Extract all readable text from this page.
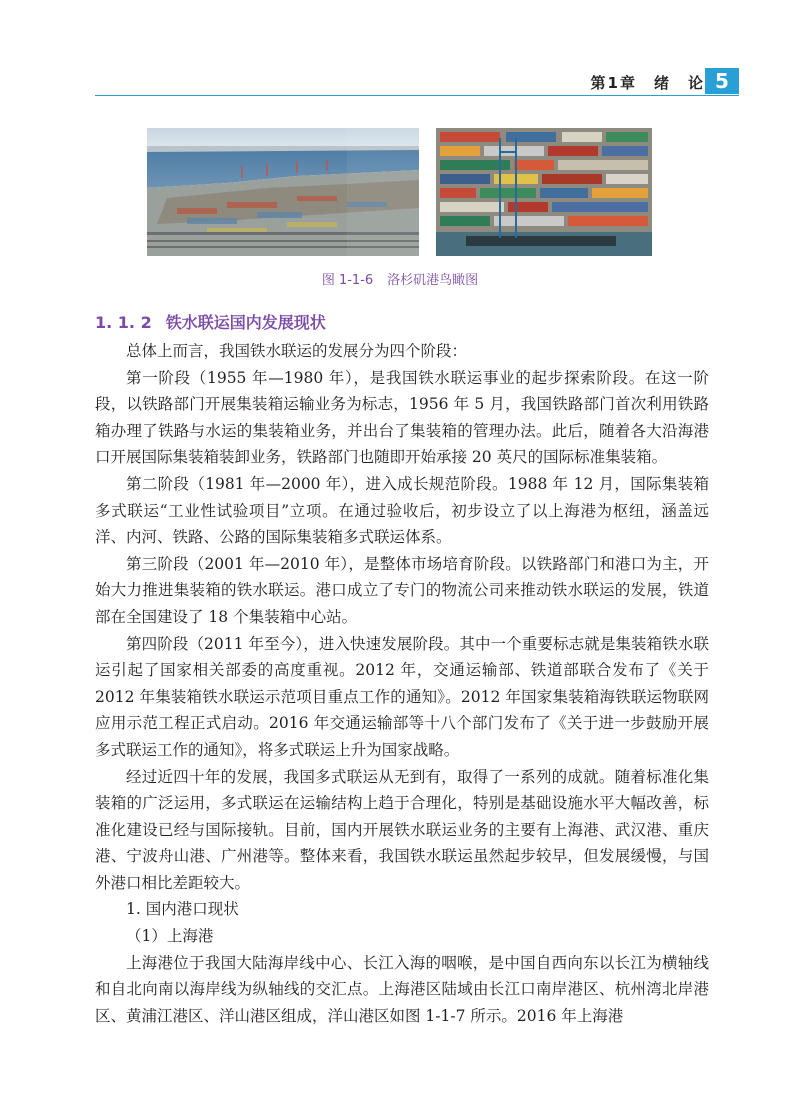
第1章　绪　论 5
图 1-1-6 洛杉矶港鸟瞰图
1. 1. 2 铁水联运国内发展现状

总体上而言，我国铁水联运的发展分为四个阶段：

第一阶段（1955 年—1980 年），是我国铁水联运事业的起步探索阶段。在这一阶段，以铁路部门开展集装箱运输业务为标志，1956 年 5 月，我国铁路部门首次利用铁路箱办理了铁路与水运的集装箱业务，并出台了集装箱的管理办法。此后，随着各大沿海港口开展国际集装箱装卸业务，铁路部门也随即开始承接 20 英尺的国际标准集装箱。

第二阶段（1981 年—2000 年），进入成长规范阶段。1988 年 12 月，国际集装箱多式联运“工业性试验项目”立项。在通过验收后，初步设立了以上海港为枢纽，涵盖远洋、内河、铁路、公路的国际集装箱多式联运体系。

第三阶段（2001 年—2010 年），是整体市场培育阶段。以铁路部门和港口为主，开始大力推进集装箱的铁水联运。港口成立了专门的物流公司来推动铁水联运的发展，铁道部在全国建设了 18 个集装箱中心站。

第四阶段（2011 年至今），进入快速发展阶段。其中一个重要标志就是集装箱铁水联运引起了国家相关部委的高度重视。2012 年，交通运输部、铁道部联合发布了《关于 2012 年集装箱铁水联运示范项目重点工作的通知》。2012 年国家集装箱海铁联运物联网应用示范工程正式启动。2016 年交通运输部等十八个部门发布了《关于进一步鼓励开展多式联运工作的通知》，将多式联运上升为国家战略。

经过近四十年的发展，我国多式联运从无到有，取得了一系列的成就。随着标准化集装箱的广泛运用，多式联运在运输结构上趋于合理化，特别是基础设施水平大幅改善，标准化建设已经与国际接轨。目前，国内开展铁水联运业务的主要有上海港、武汉港、重庆港、宁波舟山港、广州港等。整体来看，我国铁水联运虽然起步较早，但发展缓慢，与国外港口相比差距较大。

1. 国内港口现状

（1）上海港

上海港位于我国大陆海岸线中心、长江入海的咽喉，是中国自西向东以长江为横轴线和自北向南以海岸线为纵轴线的交汇点。上海港区陆域由长江口南岸港区、杭州湾北岸港区、黄浦江港区、洋山港区组成，洋山港区如图 1-1-7 所示。2016 年上海港
